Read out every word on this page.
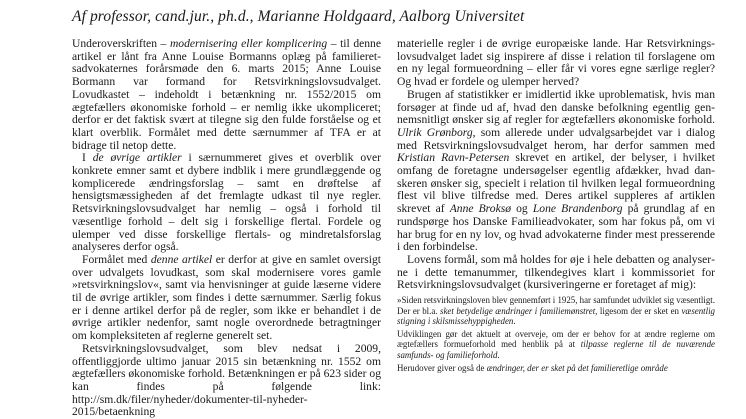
Af professor, cand.jur., ph.d., Marianne Holdgaard, Aalborg Universitet

Underoverskriften – modernisering eller komplicering – til denne artikel er lånt fra Anne Louise Bormanns oplæg på familieretsadvokaternes forårsmøde den 6. marts 2015; Anne Louise Bormann var formand for Retsvirkningslovsudvalget. Lovudkastet – indeholdt i betænkning nr. 1552/2015 om ægtefællers økonomiske forhold – er nemlig ikke ukompliceret; derfor er det faktisk svært at tilegne sig den fulde forståelse og et klart overblik. Formålet med dette særnummer af TFA er at bidrage til netop dette.

I de øvrige artikler i særnummeret gives et overblik over konkrete emner samt et dybere indblik i mere grundlæggende og komplicerede ændringsforslag – samt en drøftelse af hensigtsmæssigheden af det fremlagte udkast til nye regler. Retsvirkningslovsudvalget har nemlig – også i forhold til væsentlige forhold – delt sig i forskellige flertal. Fordele og ulemper ved disse forskellige flertals- og mindretalsforslag analyseres derfor også.

Formålet med denne artikel er derfor at give en samlet oversigt over udvalgets lovudkast, som skal modernisere vores gamle »retsvirkningslov«, samt via henvisninger at guide læserne videre til de øvrige artikler, som findes i dette særnummer. Særlig fokus er i denne artikel derfor på de regler, som ikke er behandlet i de øvrige artikler nedenfor, samt nogle overordnede betragtninger om kompleksiteten af reglerne generelt set.

Retsvirkningslovsudvalget, som blev nedsat i 2009, offentliggjorde ultimo januar 2015 sin betænkning nr. 1552 om ægtefællers økonomiske forhold. Betænkningen er på 623 sider og kan findes på følgende link: http://sm.dk/filer/nyheder/dokumenter-til-nyheder-2015/betaenkning

materielle regler i de øvrige europæiske lande. Har Retsvirkningslovsudvalget ladet sig inspirere af disse i relation til forslagene om en ny legal formueordning – eller får vi vores egne særlige regler? Og hvad er fordele og ulemper herved?

Brugen af statistikker er imidlertid ikke uproblematisk, hvis man forsøger at finde ud af, hvad den danske befolkning egentlig gennemsnitligt ønsker sig af regler for ægtefællers økonomiske forhold. Ulrik Grønborg, som allerede under udvalgsarbejdet var i dialog med Retsvirkningslovsudvalget herom, har derfor sammen med Kristian Ravn-Petersen skrevet en artikel, der belyser, i hvilket omfang de foretagne undersøgelser egentlig afdækker, hvad danskeren ønsker sig, specielt i relation til hvilken legal formueordning flest vil blive tilfredse med. Deres artikel suppleres af artiklen skrevet af Anne Broksø og Lone Brandenborg på grundlag af en rundspørge hos Danske Familieadvokater, som har fokus på, om vi har brug for en ny lov, og hvad advokaterne finder mest presserende i den forbindelse.

Lovens formål, som må holdes for øje i hele debatten og analyserne i dette temanummer, tilkendegives klart i kommissoriet for Retsvirkningslovsudvalget (kursiveringerne er foretaget af mig):

»Siden retsvirkningsloven blev gennemført i 1925, har samfundet udviklet sig væsentligt. Der er bl.a. sket betydelige ændringer i familiemønstret, ligesom der er sket en væsentlig stigning i skilsmissehyppigheden.

Udviklingen gør det aktuelt at overveje, om der er behov for at ændre reglerne om ægtefællers formueforhold med henblik på at tilpasse reglerne til de nuværende samfunds- og familieforhold.

Herudover giver også de ændringer, der er sket på det familieretlige område
